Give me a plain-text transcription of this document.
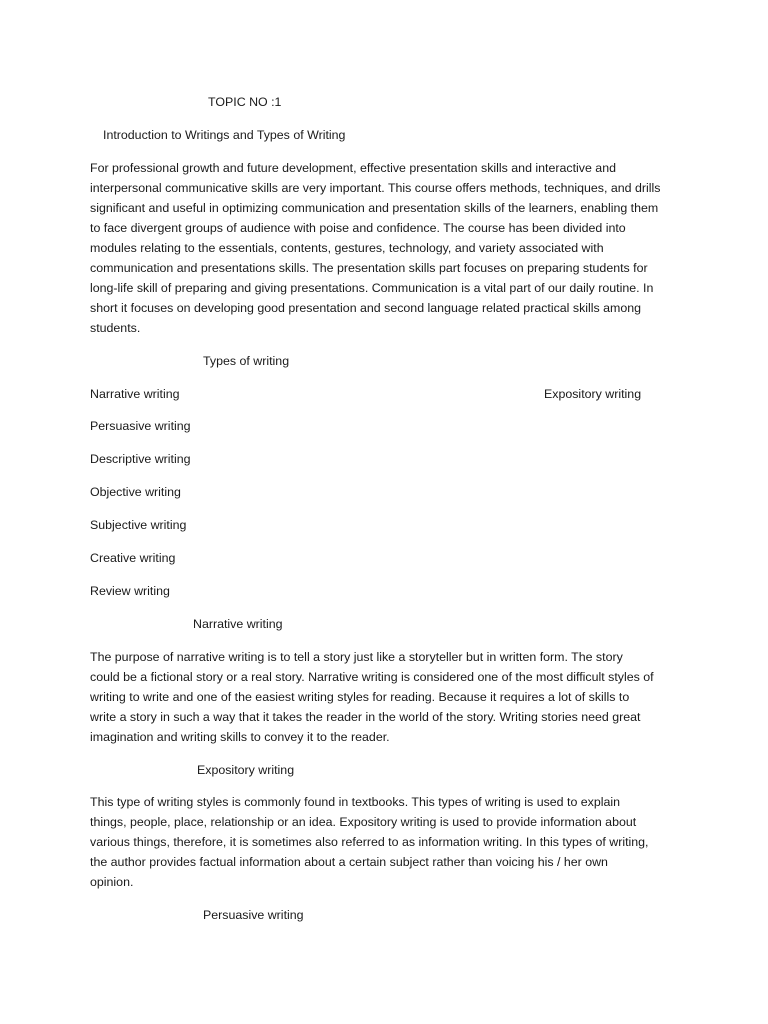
TOPIC NO :1
Introduction to Writings and Types of Writing
For professional growth and future development, effective presentation skills and interactive and
interpersonal communicative skills are very important. This course offers methods, techniques, and drills
significant and useful in optimizing communication and presentation skills of the learners, enabling them
to face divergent groups of audience with poise and confidence. The course has been divided into
modules relating to the essentials, contents, gestures, technology, and variety associated with
communication and presentations skills. The presentation skills part focuses on preparing students for
long-life skill of preparing and giving presentations. Communication is a vital part of our daily routine. In
short it focuses on developing good presentation and second language related practical skills among
students.
Types of writing
Narrative writing	Expository writing
Persuasive writing
Descriptive writing
Objective writing
Subjective writing
Creative writing
Review writing
Narrative writing
The purpose of narrative writing is to tell a story just like a storyteller but in written form. The story
could be a fictional story or a real story. Narrative writing is considered one of the most difficult styles of
writing to write and one of the easiest writing styles for reading. Because it requires a lot of skills to
write a story in such a way that it takes the reader in the world of the story. Writing stories need great
imagination and writing skills to convey it to the reader.
Expository writing
This type of writing styles is commonly found in textbooks. This types of writing is used to explain
things, people, place, relationship or an idea. Expository writing is used to provide information about
various things, therefore, it is sometimes also referred to as information writing. In this types of writing,
the author provides factual information about a certain subject rather than voicing his / her own
opinion.
Persuasive writing
